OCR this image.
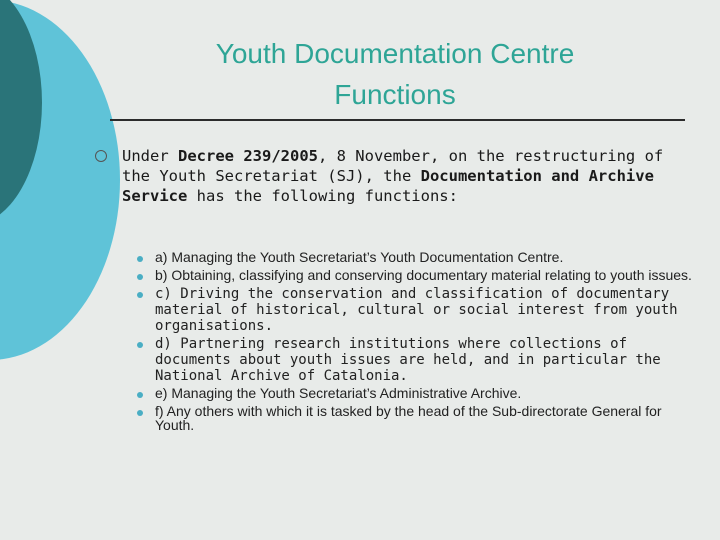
Youth Documentation Centre
Functions
Under Decree 239/2005, 8 November, on the restructuring of the Youth Secretariat (SJ), the Documentation and Archive Service has the following functions:
a) Managing the Youth Secretariat’s Youth Documentation Centre.
b) Obtaining, classifying and conserving documentary material relating to youth issues.
c) Driving the conservation and classification of documentary material of historical, cultural or social interest from youth organisations.
d) Partnering research institutions where collections of documents about youth issues are held, and in particular the National Archive of Catalonia.
e) Managing the Youth Secretariat’s Administrative Archive.
f) Any others with which it is tasked by the head of the Sub-directorate General for Youth.
